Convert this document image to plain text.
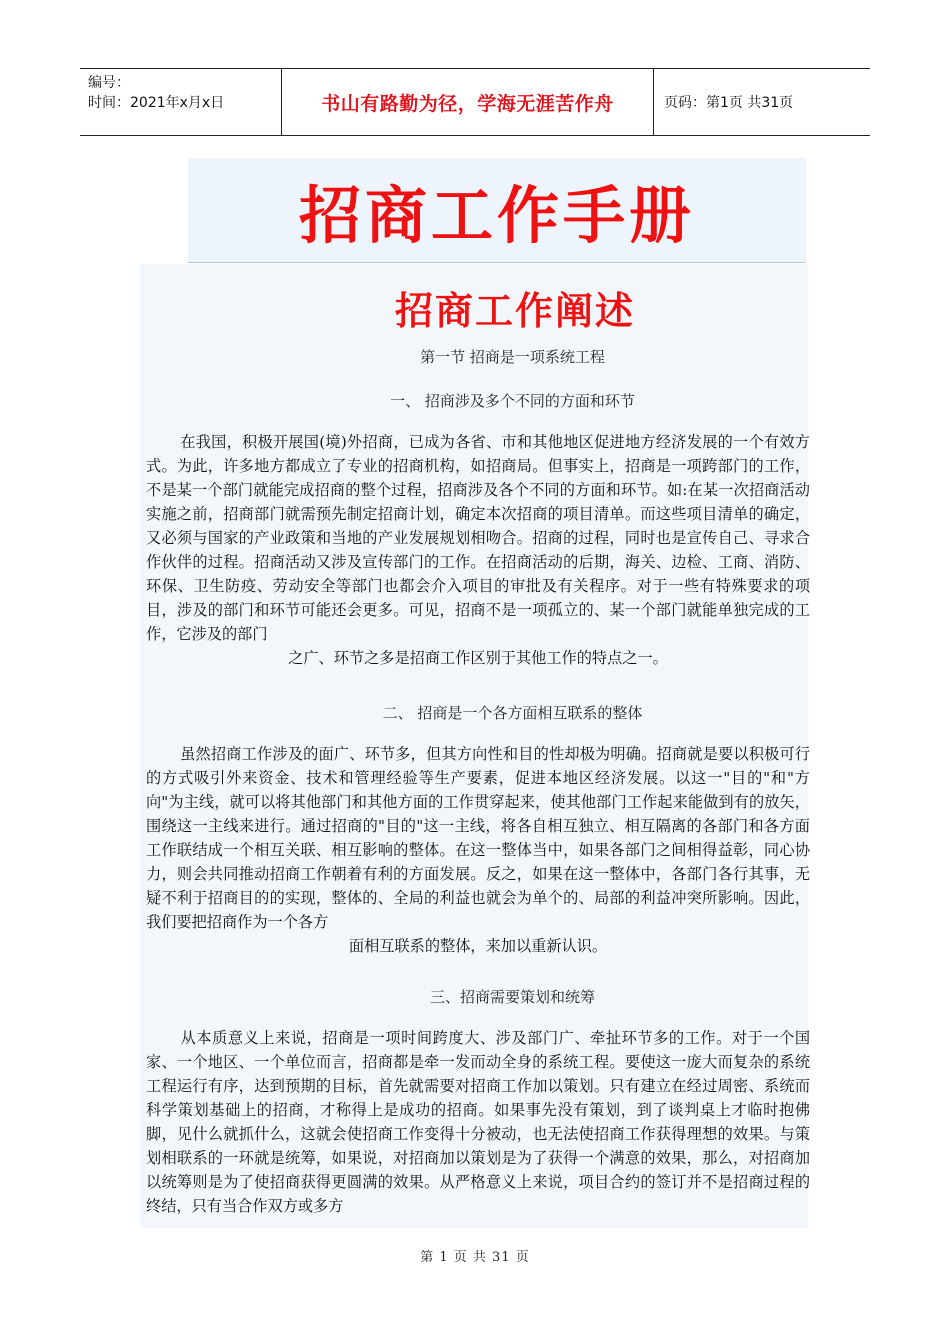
编号：
时间：2021年x月x日	书山有路勤为径，学海无涯苦作舟	页码：第1页 共31页
招商工作手册
招商工作阐述
第一节 招商是一项系统工程
一、 招商涉及多个不同的方面和环节
在我国，积极开展国(境)外招商，已成为各省、市和其他地区促进地方经济发展的一个有效方式。为此，许多地方都成立了专业的招商机构，如招商局。但事实上，招商是一项跨部门的工作，不是某一个部门就能完成招商的整个过程，招商涉及各个不同的方面和环节。如:在某一次招商活动实施之前，招商部门就需预先制定招商计划，确定本次招商的项目清单。而这些项目清单的确定，又必须与国家的产业政策和当地的产业发展规划相吻合。招商的过程，同时也是宣传自己、寻求合作伙伴的过程。招商活动又涉及宣传部门的工作。在招商活动的后期，海关、边检、工商、消防、环保、卫生防疫、劳动安全等部门也都会介入项目的审批及有关程序。对于一些有特殊要求的项目，涉及的部门和环节可能还会更多。可见，招商不是一项孤立的、某一个部门就能单独完成的工作，它涉及的部门
之广、环节之多是招商工作区别于其他工作的特点之一。
二、 招商是一个各方面相互联系的整体
虽然招商工作涉及的面广、环节多，但其方向性和目的性却极为明确。招商就是要以积极可行的方式吸引外来资金、技术和管理经验等生产要素，促进本地区经济发展。以这一"目的"和"方向"为主线，就可以将其他部门和其他方面的工作贯穿起来，使其他部门工作起来能做到有的放矢，围绕这一主线来进行。通过招商的"目的"这一主线，将各自相互独立、相互隔离的各部门和各方面工作联结成一个相互关联、相互影响的整体。在这一整体当中，如果各部门之间相得益彰，同心协力，则会共同推动招商工作朝着有利的方面发展。反之，如果在这一整体中，各部门各行其事，无疑不利于招商目的的实现，整体的、全局的利益也就会为单个的、局部的利益冲突所影响。因此，我们要把招商作为一个各方
面相互联系的整体，来加以重新认识。
三、招商需要策划和统筹
从本质意义上来说，招商是一项时间跨度大、涉及部门广、牵扯环节多的工作。对于一个国家、一个地区、一个单位而言，招商都是牵一发而动全身的系统工程。要使这一庞大而复杂的系统工程运行有序，达到预期的目标，首先就需要对招商工作加以策划。只有建立在经过周密、系统而科学策划基础上的招商，才称得上是成功的招商。如果事先没有策划，到了谈判桌上才临时抱佛脚，见什么就抓什么，这就会使招商工作变得十分被动，也无法使招商工作获得理想的效果。与策划相联系的一环就是统筹，如果说，对招商加以策划是为了获得一个满意的效果，那么，对招商加以统筹则是为了使招商获得更圆满的效果。从严格意义上来说，项目合约的签订并不是招商过程的终结，只有当合作双方或多方
第 1 页 共 31 页
